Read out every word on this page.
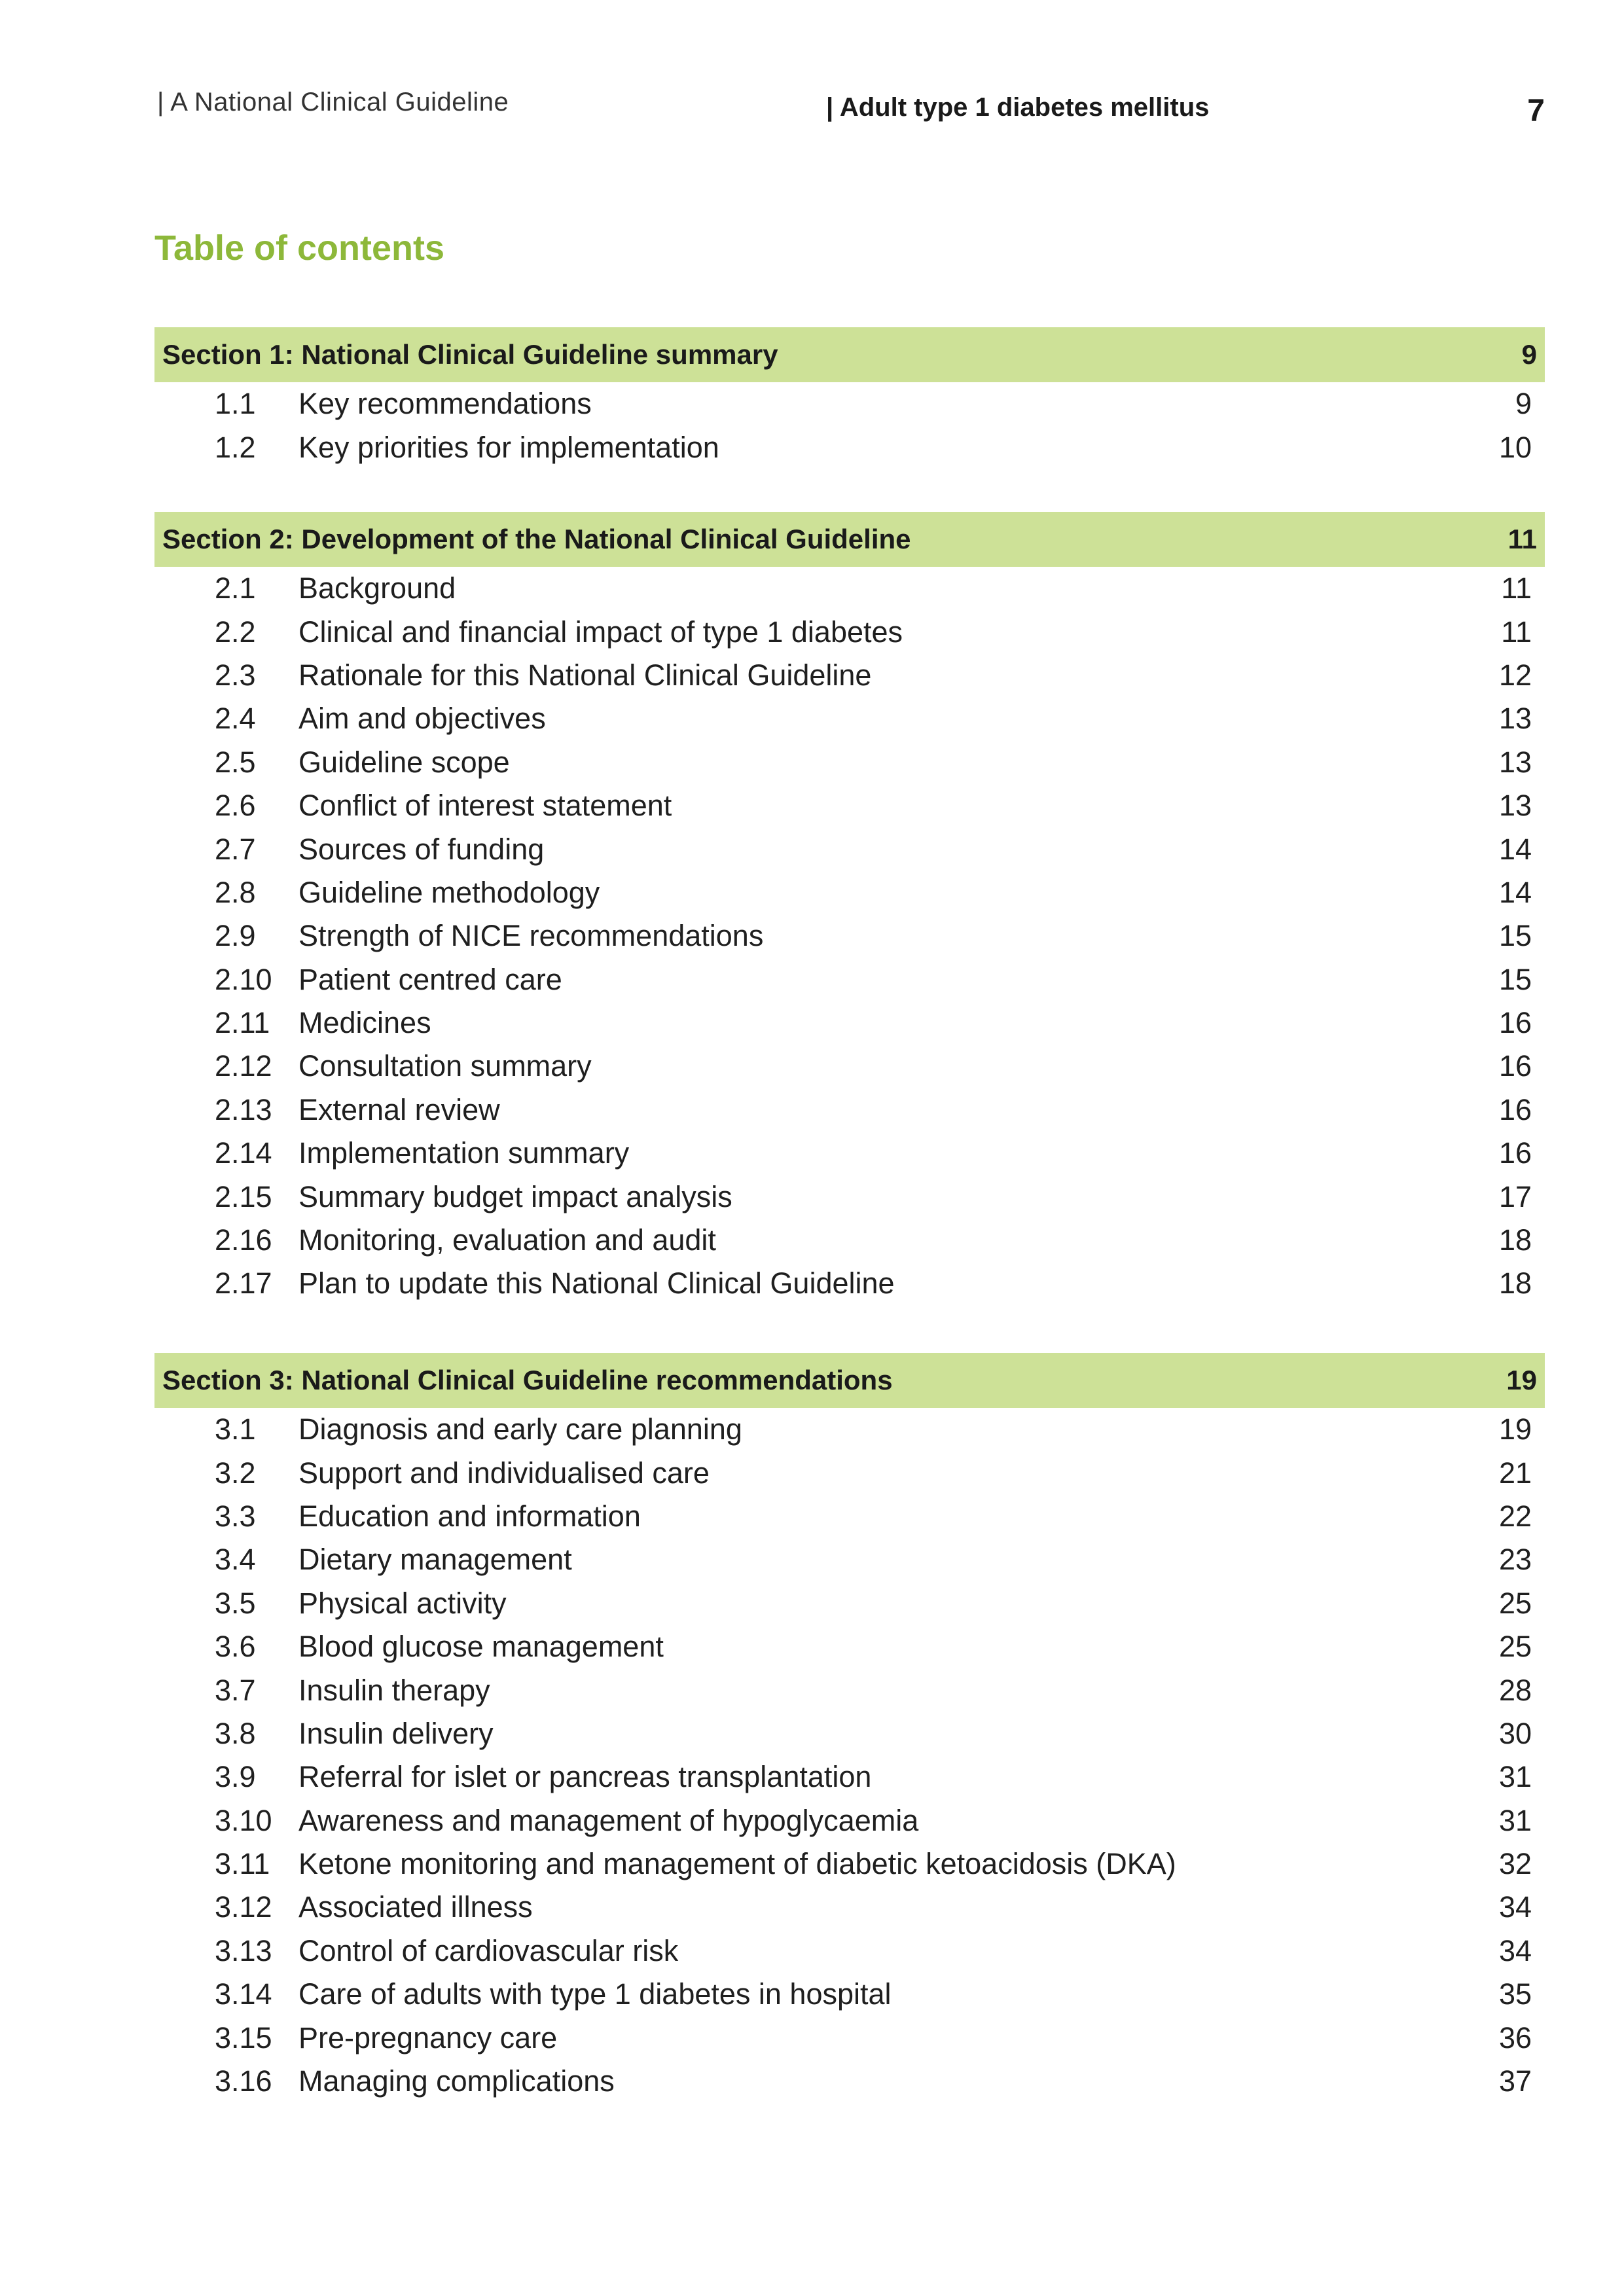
| A National Clinical Guideline	| Adult type 1 diabetes mellitus	7
Table of contents
Section 1: National Clinical Guideline summary	9
1.1	Key recommendations	9
1.2	Key priorities for implementation	10
Section 2: Development of the National Clinical Guideline	11
2.1	Background	11
2.2	Clinical and financial impact of type 1 diabetes	11
2.3	Rationale for this National Clinical Guideline	12
2.4	Aim and objectives	13
2.5	Guideline scope	13
2.6	Conflict of interest statement	13
2.7	Sources of funding	14
2.8	Guideline methodology	14
2.9	Strength of NICE recommendations	15
2.10 Patient centred care	15
2.11 Medicines	16
2.12 Consultation summary	16
2.13 External review	16
2.14 Implementation summary	16
2.15 Summary budget impact analysis	17
2.16 Monitoring, evaluation and audit	18
2.17 Plan to update this National Clinical Guideline	18
Section 3: National Clinical Guideline recommendations	19
3.1	Diagnosis and early care planning	19
3.2	Support and individualised care	21
3.3	Education and information	22
3.4	Dietary management	23
3.5	Physical activity	25
3.6	Blood glucose management	25
3.7	Insulin therapy	28
3.8	Insulin delivery	30
3.9	Referral for islet or pancreas transplantation	31
3.10 Awareness and management of hypoglycaemia	31
3.11 Ketone monitoring and management of diabetic ketoacidosis (DKA)	32
3.12 Associated illness	34
3.13 Control of cardiovascular risk	34
3.14 Care of adults with type 1 diabetes in hospital	35
3.15 Pre-pregnancy care	36
3.16 Managing complications	37
